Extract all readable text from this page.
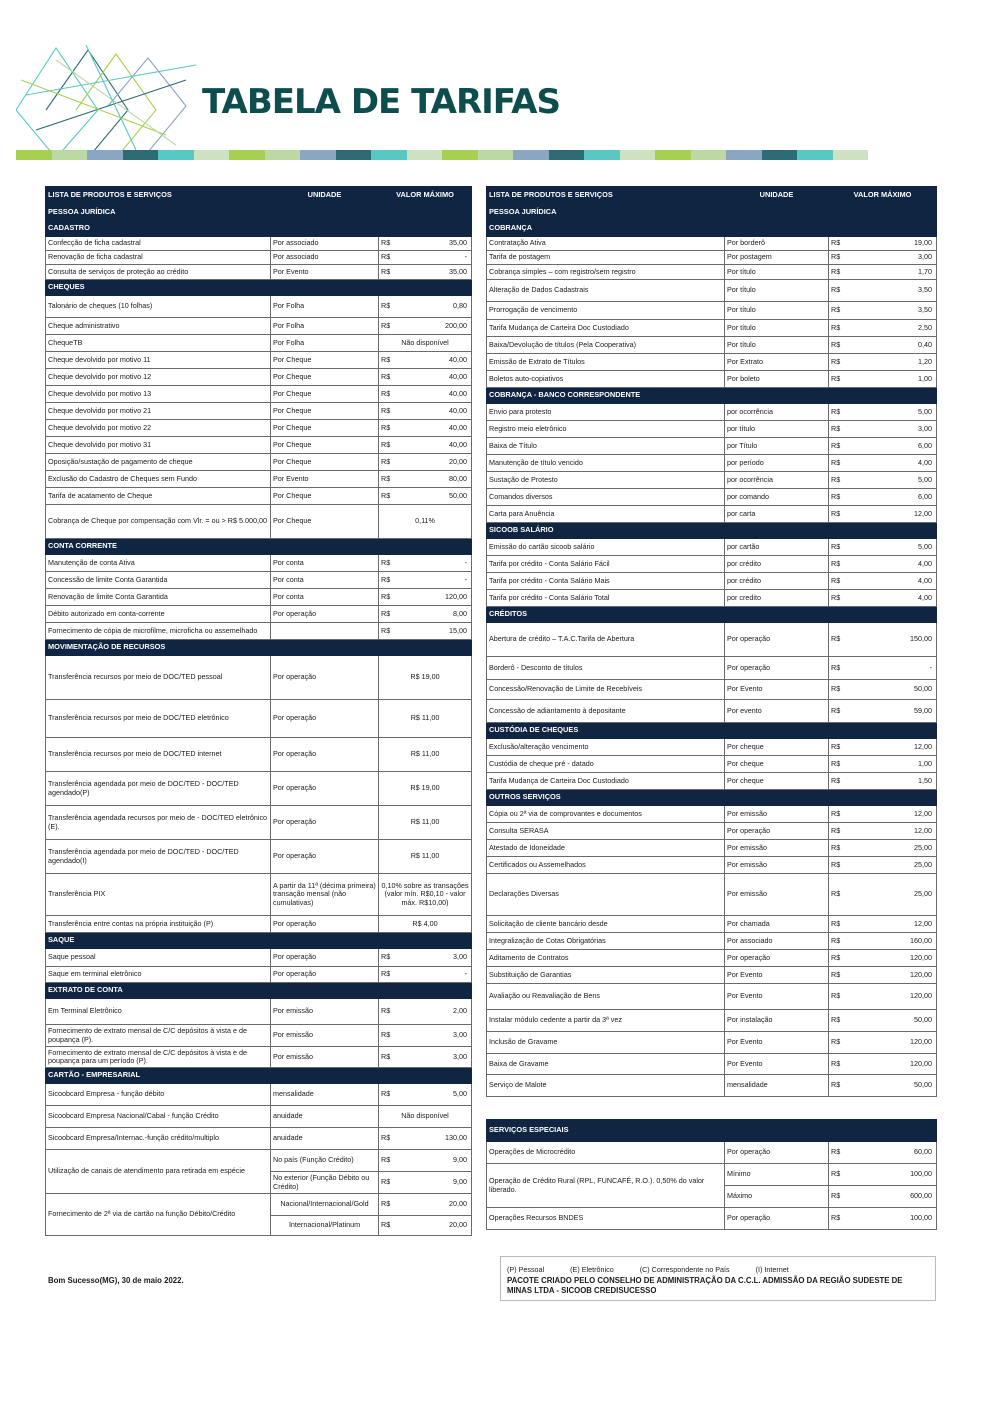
TABELA DE TARIFAS
LISTA DE PRODUTOS E SERVIÇOS	UNIDADE	VALOR MÁXIMO	
PESSOA JURÍDICA			
CADASTRO			
Confecção de ficha cadastral	Por associado	R$	35,00
Renovação de ficha cadastral	Por associado	R$	-
Consulta de serviços de proteção ao crédito	Por Evento	R$	35,00
CHEQUES			
Talonário de cheques (10 folhas)	Por Folha	R$	0,80
Cheque administrativo	Por Folha	R$	200,00
ChequeTB	Por Folha	Não disponível	
Cheque devolvido por motivo 11	Por Cheque	R$	40,00
Cheque devolvido por motivo 12	Por Cheque	R$	40,00
Cheque devolvido por motivo 13	Por Cheque	R$	40,00
Cheque devolvido por motivo 21	Por Cheque	R$	40,00
Cheque devolvido por motivo 22	Por Cheque	R$	40,00
Cheque devolvido por motivo 31	Por Cheque	R$	40,00
Oposição/sustação de pagamento de cheque	Por Cheque	R$	20,00
Exclusão do Cadastro de Cheques sem Fundo	Por Evento	R$	80,00
Tarifa de acatamento de Cheque	Por Cheque	R$	50,00
Cobrança de Cheque por compensação com Vlr. = ou > R$ 5.000,00	Por Cheque	0,11%	
CONTA CORRENTE			
Manutenção de conta Ativa	Por conta	R$	-
Concessão de limite Conta Garantida	Por conta	R$	-
Renovação de limite Conta Garantida	Por conta	R$	120,00
Débito autorizado em conta-corrente	Por operação	R$	8,00
Fornecimento de cópia de microfilme, microficha ou assemelhado		R$	15,00
MOVIMENTAÇÃO DE RECURSOS			
Transferência recursos por meio de DOC/TED pessoal	Por operação	R$ 19,00	
Transferência recursos por meio de DOC/TED eletrônico	Por operação	R$ 11,00	
Transferência recursos por meio de DOC/TED internet	Por operação	R$ 11,00	
Transferência agendada por meio de DOC/TED - DOC/TED agendado(P)	Por operação	R$ 19,00	
Transferência agendada recursos por meio de - DOC/TED eletrônico (E).	Por operação	R$ 11,00	
Transferência agendada por meio de DOC/TED - DOC/TED agendado(I)	Por operação	R$ 11,00	
Transferência PIX	A partir da 11ª (décima primeira) transação mensal (não cumulativas)	0,10% sobre as transações (valor mín. R$0,10 - valor máx. R$10,00)	
Transferência entre contas na própria instituição (P)	Por operação	R$ 4,00	
SAQUE			
Saque pessoal	Por operação	R$	3,00
Saque em terminal eletrônico	Por operação	R$	-
EXTRATO DE CONTA			
Em Terminal Eletrônico	Por emissão	R$	2,00
Fornecimento de extrato mensal de C/C depósitos à vista e de poupança (P).	Por emissão	R$	3,00
Fornecimento de extrato mensal de C/C depósitos à vista e de poupança para um período (P).	Por emissão	R$	3,00
CARTÃO - EMPRESARIAL			
Sicoobcard Empresa - função débito	mensalidade	R$	5,00
Sicoobcard Empresa Nacional/Cabal - função Crédito	anuidade	Não disponível	
Sicoobcard Empresa/Internac.-função crédito/multiplo	anuidade	R$	130,00
Utilização de canais de atendimento para retirada em espécie	No país (Função Crédito)	R$	9,00
	No exterior (Função Débito ou Crédito)	R$	9,00
Fornecimento de 2ª via de cartão na função Débito/Crédito	Nacional/Internacional/Gold	R$	20,00
	Internacional/Platinum	R$	20,00
Bom Sucesso(MG), 30 de maio 2022.
LISTA DE PRODUTOS E SERVIÇOS	UNIDADE	VALOR MÁXIMO	
PESSOA JURÍDICA			
COBRANÇA			
Contratação Ativa	Por borderô	R$	19,00
Tarifa de postagem	Por postagem	R$	3,00
Cobrança simples – com registro/sem registro	Por título	R$	1,70
Alteração de Dados Cadastrais	Por título	R$	3,50
Prorrogação de vencimento	Por título	R$	3,50
Tarifa Mudança de Carteira Doc Custodiado	Por título	R$	2,50
Baixa/Devolução de títulos (Pela Cooperativa)	Por título	R$	0,40
Emissão de Extrato de Títulos	Por Extrato	R$	1,20
Boletos auto-copiativos	Por boleto	R$	1,00
COBRANÇA - BANCO CORRESPONDENTE			
Envio para protesto	por ocorrência	R$	5,00
Registro meio eletrônico	por título	R$	3,00
Baixa de Título	por Título	R$	6,00
Manutenção de título vencido	por período	R$	4,00
Sustação de Protesto	por ocorrência	R$	5,00
Comandos diversos	por comando	R$	6,00
Carta para Anuência	por carta	R$	12,00
SICOOB SALÁRIO			
Emissão do cartão sicoob salário	por cartão	R$	5,00
Tarifa por crédito - Conta Salário Fácil	por crédito	R$	4,00
Tarifa por crédito - Conta Salário Mais	por crédito	R$	4,00
Tarifa por crédito - Conta Salário Total	por credito	R$	4,00
CRÉDITOS			
Abertura de crédito – T.A.C.Tarifa de Abertura	Por operação	R$	150,00
Borderô - Desconto de títulos	Por operação	R$	-
Concessão/Renovação de Limite de Recebíveis	Por Evento	R$	50,00
Concessão de adiantamento à depositante	Por evento	R$	59,00
CUSTÓDIA DE CHEQUES			
Exclusão/alteração vencimento	Por cheque	R$	12,00
Custódia de cheque pré - datado	Por cheque	R$	1,00
Tarifa Mudança de Carteira Doc Custodiado	Por cheque	R$	1,50
OUTROS SERVIÇOS			
Cópia ou 2ª via de comprovantes e documentos	Por emissão	R$	12,00
Consulta SERASA	Por operação	R$	12,00
Atestado de Idoneidade	Por emissão	R$	25,00
Certificados ou Assemelhados	Por emissão	R$	25,00
Declarações Diversas	Por emissão	R$	25,00
Solicitação de cliente bancário desde	Por chamada	R$	12,00
Integralização de Cotas Obrigatórias	Por associado	R$	160,00
Aditamento de Contratos	Por operação	R$	120,00
Substituição de Garantias	Por Evento	R$	120,00
Avaliação ou Reavaliação de Bens	Por Evento	R$	120,00
Instalar módulo cedente a partir da 3ª vez	Por instalação	R$	50,00
Inclusão de Gravame	Por Evento	R$	120,00
Baixa de Gravame	Por Evento	R$	120,00
Serviço de Malote	mensalidade	R$	50,00
SERVIÇOS ESPECIAIS			
Operações de Microcrédito	Por operação	R$	60,00
Operação de Crédito Rural (RPL, FUNCAFÉ, R.O.). 0,50% do valor liberado.	Mínimo	R$	100,00
	Máximo	R$	600,00
Operações Recursos BNDES	Por operação	R$	100,00
(P) Pessoal	(E) Eletrônico	(C) Correspondente no País	(I) Internet
PACOTE CRIADO PELO CONSELHO DE ADMINISTRAÇÃO DA C.C.L. ADMISSÃO DA REGIÃO SUDESTE DE MINAS LTDA - SICOOB CREDISUCESSO
